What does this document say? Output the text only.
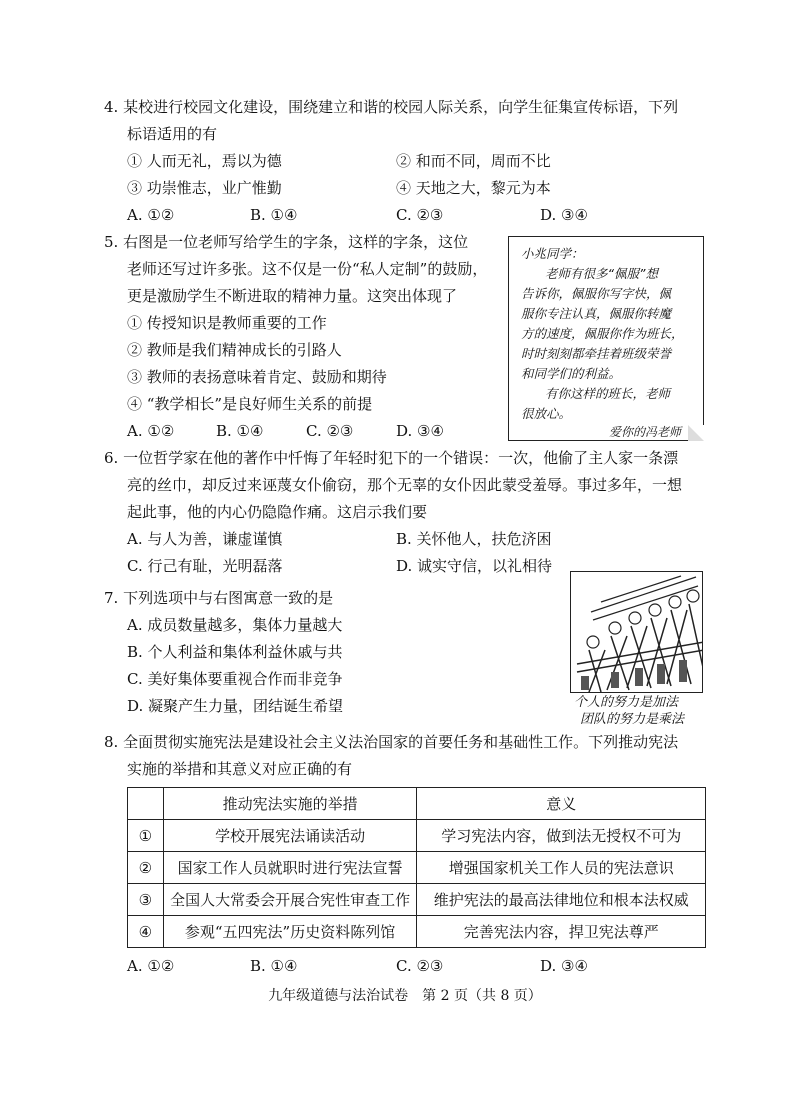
4. 某校进行校园文化建设，围绕建立和谐的校园人际关系，向学生征集宣传标语，下列
标语适用的有
① 人而无礼，焉以为德	② 和而不同，周而不比
③ 功崇惟志，业广惟勤	④ 天地之大，黎元为本
A. ①②	B. ①④	C. ②③	D. ③④
5. 右图是一位老师写给学生的字条，这样的字条，这位
老师还写过许多张。这不仅是一份“私人定制”的鼓励，
更是激励学生不断进取的精神力量。这突出体现了
① 传授知识是教师重要的工作
② 教师是我们精神成长的引路人
③ 教师的表扬意味着肯定、鼓励和期待
④ “教学相长”是良好师生关系的前提
A. ①②	B. ①④	C. ②③	D. ③④
小兆同学：
老师有很多“佩服”想
告诉你，佩服你写字快，佩
服你专注认真，佩服你转魔
方的速度，佩服你作为班长，
时时刻刻都牵挂着班级荣誉
和同学们的利益。
有你这样的班长，老师
很放心。
爱你的冯老师
6. 一位哲学家在他的著作中忏悔了年轻时犯下的一个错误：一次，他偷了主人家一条漂
亮的丝巾，却反过来诬蔑女仆偷窃，那个无辜的女仆因此蒙受羞辱。事过多年，一想
起此事，他的内心仍隐隐作痛。这启示我们要
A. 与人为善，谦虚谨慎	B. 关怀他人，扶危济困
C. 行己有耻，光明磊落	D. 诚实守信，以礼相待
7. 下列选项中与右图寓意一致的是
A. 成员数量越多，集体力量越大
B. 个人利益和集体利益休戚与共
C. 美好集体要重视合作而非竞争
D. 凝聚产生力量，团结诞生希望	个人的努力是加法
团队的努力是乘法
8. 全面贯彻实施宪法是建设社会主义法治国家的首要任务和基础性工作。下列推动宪法
实施的举措和其意义对应正确的有
	推动宪法实施的举措	意义
①	学校开展宪法诵读活动	学习宪法内容，做到法无授权不可为
②	国家工作人员就职时进行宪法宣誓	增强国家机关工作人员的宪法意识
③	全国人大常委会开展合宪性审查工作	维护宪法的最高法律地位和根本法权威
④	参观“五四宪法”历史资料陈列馆	完善宪法内容，捍卫宪法尊严
A. ①②	B. ①④	C. ②③	D. ③④
九年级道德与法治试卷　第 2 页（共 8 页）
